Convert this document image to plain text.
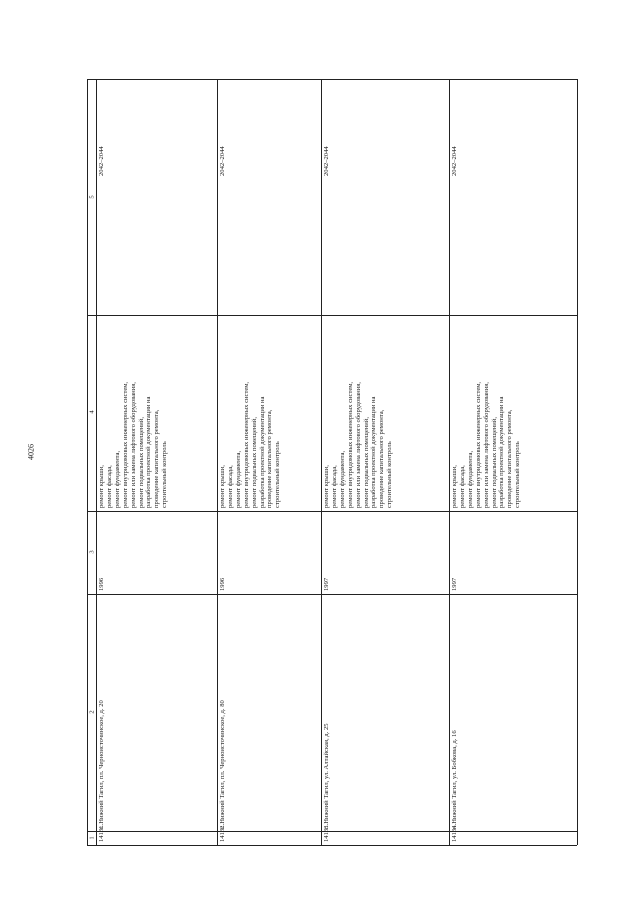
4026
1
2
3
4
5
14131.
г. Нижний Тагил, пл. Черноисточинское, д. 20
1996
ремонт крыши, ремонт фасада, ремонт фундамента, ремонт внутридомовых инженерных систем, ремонт или замена лифтового оборудования, ремонт подвальных помещений, разработка проектной документации на проведение капитального ремонта, строительный контроль
2042–2044
14132.
г. Нижний Тагил, пл. Черноисточинское, д. 80
1996
ремонт крыши, ремонт фасада, ремонт фундамента, ремонт внутридомовых инженерных систем, ремонт подвальных помещений, разработка проектной документации на проведение капитального ремонта, строительный контроль
2042–2044
14133.
г. Нижний Тагил, ул. Алтайская, д. 25
1997
ремонт крыши, ремонт фасада, ремонт фундамента, ремонт внутридомовых инженерных систем, ремонт или замена лифтового оборудования, ремонт подвальных помещений, разработка проектной документации на проведение капитального ремонта, строительный контроль
2042–2044
14134.
г. Нижний Тагил, ул. Бобкова, д. 16
1997
ремонт крыши, ремонт фасада, ремонт фундамента, ремонт внутридомовых инженерных систем, ремонт или замена лифтового оборудования, ремонт подвальных помещений, разработка проектной документации на проведение капитального ремонта, строительный контроль
2042–2044
